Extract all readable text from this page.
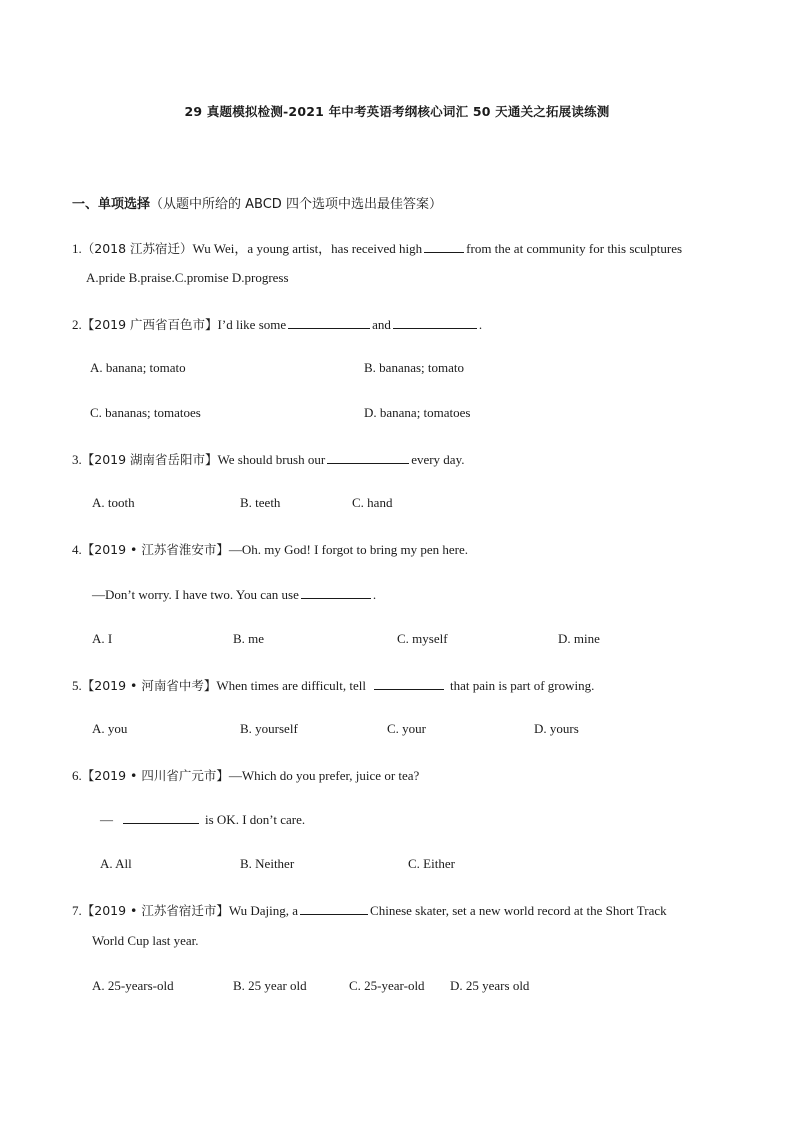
29 真题模拟检测-2021 年中考英语考纲核心词汇 50 天通关之拓展读练测
一、单项选择（从题中所给的 ABCD 四个选项中选出最佳答案）
1.（2018 江苏宿迁）Wu Wei，a young artist，has received high	from the at community for this sculptures
A.pride B.praise.C.promise D.progress
2.【2019 广西省百色市】I’d like some	and	.
A. banana; tomato	B. bananas; tomato
C. bananas; tomatoes	D. banana; tomatoes
3.【2019 湖南省岳阳市】We should brush our	every day.
A. tooth	B. teeth	C. hand
4.【2019 • 江苏省淮安市】—Oh. my God! I forgot to bring my pen here.
—Don’t worry. I have two. You can use	.
A. I	B. me	C. myself	D. mine
5.【2019 • 河南省中考】When times are difficult, tell	that pain is part of growing.
A. you	B. yourself	C. your	D. yours
6.【2019 • 四川省广元市】—Which do you prefer, juice or tea?
—	is OK. I don’t care.
A. All	B. Neither	C. Either
7.【2019 • 江苏省宿迁市】Wu Dajing, a	Chinese skater, set a new world record at the Short Track
World Cup last year.
A. 25-years-old	B. 25 year old	C. 25-year-old D. 25 years old
